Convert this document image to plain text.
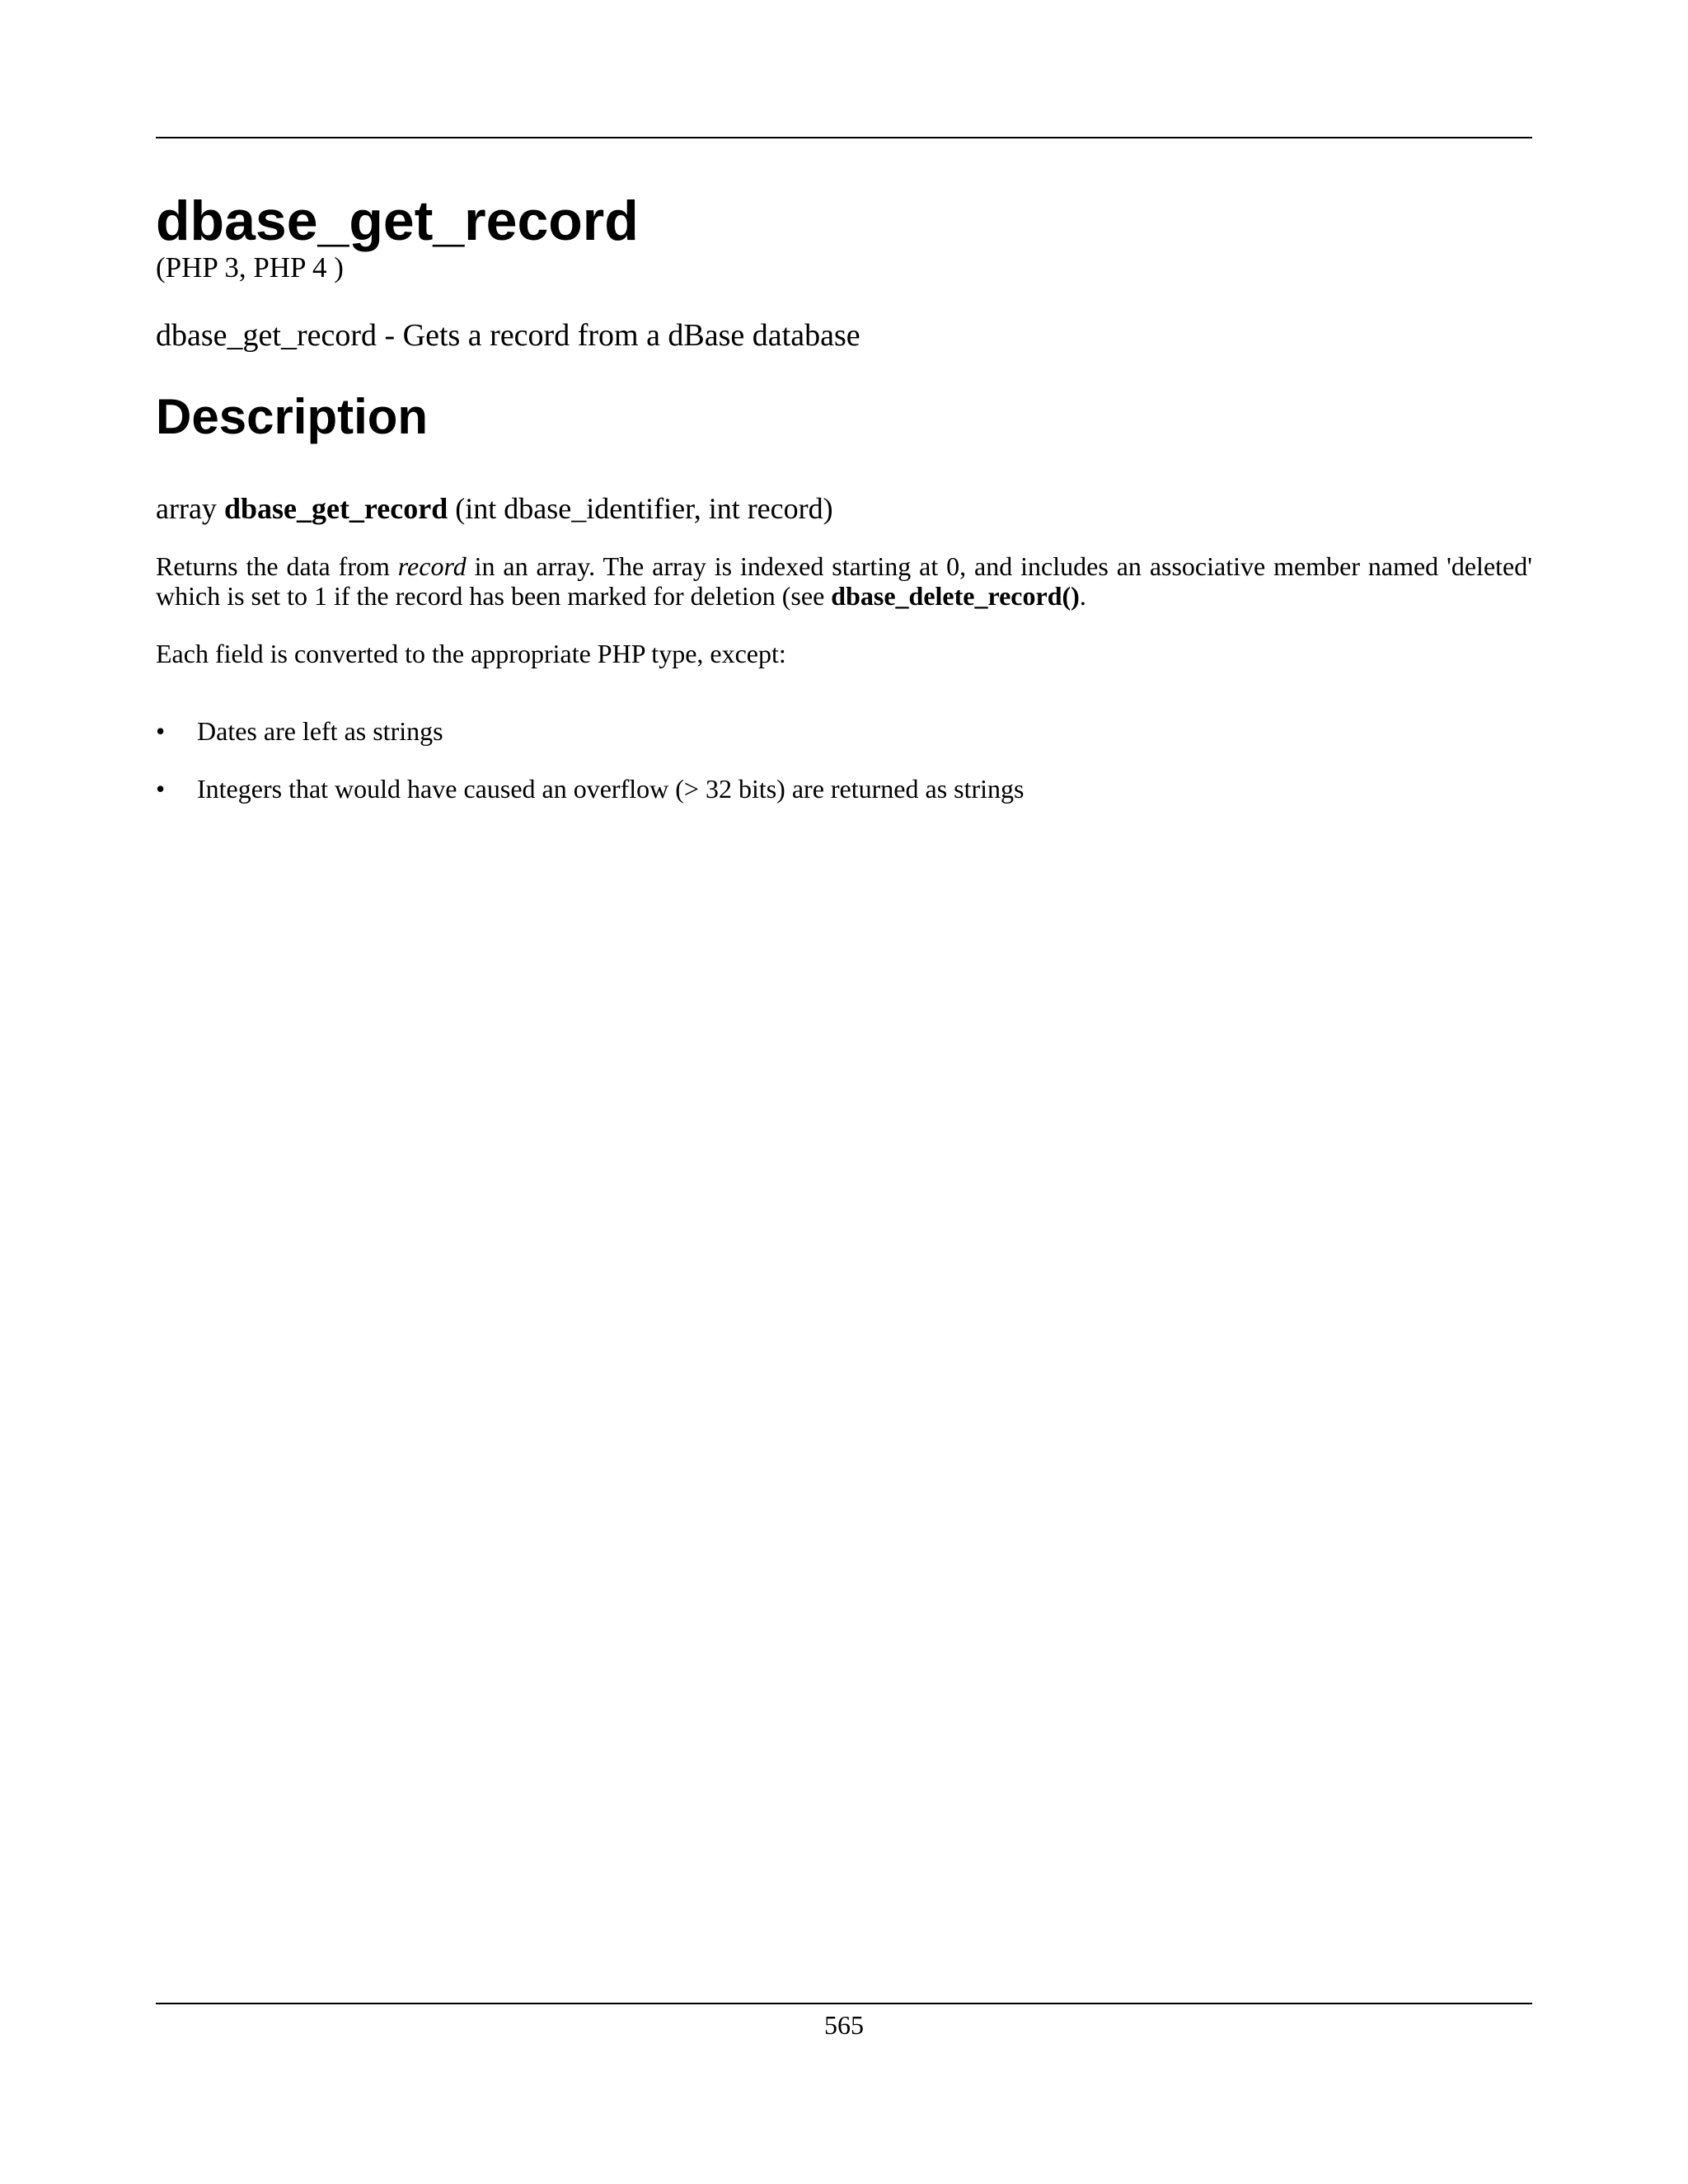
dbase_get_record
(PHP 3, PHP 4 )
dbase_get_record - Gets a record from a dBase database
Description
array dbase_get_record (int dbase_identifier, int record)

Returns the data from record in an array. The array is indexed starting at 0, and includes an associative member named 'deleted' which is set to 1 if the record has been marked for deletion (see dbase_delete_record().

Each field is converted to the appropriate PHP type, except:

• Dates are left as strings
• Integers that would have caused an overflow (> 32 bits) are returned as strings
565
